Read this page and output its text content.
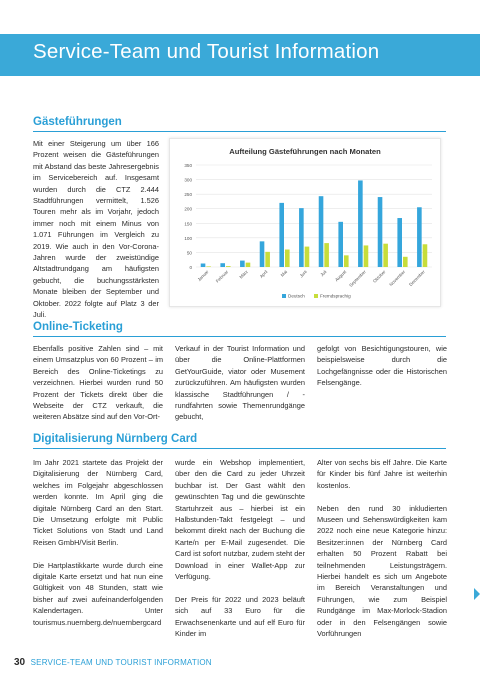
Service-Team und Tourist Information
Gästeführungen

Mit einer Steigerung um über 166 Prozent weisen die Gästeführungen mit Abstand das beste Jahresergebnis im Servicebereich auf. Insgesamt wurden durch die CTZ 2.444 Stadtführungen vermittelt, 1.526 Touren mehr als im Vorjahr, jedoch immer noch mit einem Minus von 1.071 Führungen im Vergleich zu 2019. Wie auch in den Vor-Corona-Jahren wurde der zweistündige Altstadtrundgang am häufigsten gebucht, die buchungsstärksten Monate bleiben der September und Oktober. 2022 folgte auf Platz 3 der Juli.

Aufteilung Gästeführungen nach Monaten
0
50
100
150
200
250
300
350
Januar Februar März April	Mai Juni	Juli August September Oktober November Dezember
Deutsch	Fremdsprachig
Online-Ticketing

Ebenfalls positive Zahlen sind – mit einem Umsatzplus von 60 Prozent – im Bereich des Online-Ticketings zu verzeichnen. Hierbei wurden rund 50 Prozent der Tickets direkt über die Webseite der CTZ verkauft, die weiteren Absätze sind auf den Vor-Ort-

Verkauf in der Tourist Information und über die Online-Plattformen GetYourGuide, viator oder Musement zurückzuführen. Am häufigsten wurden klassische Stadtführungen / -rundfahrten sowie Themenrundgänge gebucht,

gefolgt von Besichtigungstouren, wie beispielsweise durch die Lochgefängnisse oder die Historischen Felsengänge.

Digitalisierung Nürnberg Card

Im Jahr 2021 startete das Projekt der Digitalisierung der Nürnberg Card, welches im Folgejahr abgeschlossen werden konnte. Im April ging die digitale Nürnberg Card an den Start. Die Umsetzung erfolgte mit Public Ticket Solutions von Stadt und Land Reisen GmbH/Visit Berlin.

Die Hartplastikkarte wurde durch eine digitale Karte ersetzt und hat nun eine Gültigkeit von 48 Stunden, statt wie bisher auf zwei aufeinanderfolgenden Kalendertagen. Unter tourismus.nuernberg.de/nuernbergcard

wurde ein Webshop implementiert, über den die Card zu jeder Uhrzeit buchbar ist. Der Gast wählt den gewünschten Tag und die gewünschte Startuhrzeit aus – hierbei ist ein Halbstunden-Takt festgelegt – und bekommt direkt nach der Buchung die Karte/n per E-Mail zugesendet. Die Card ist sofort nutzbar, zudem steht der Download in einer Wallet-App zur Verfügung.

Der Preis für 2022 und 2023 beläuft sich auf 33 Euro für die Erwachsenenkarte und auf elf Euro für Kinder im

Alter von sechs bis elf Jahre. Die Karte für Kinder bis fünf Jahre ist weiterhin kostenlos.

Neben den rund 30 inkludierten Museen und Sehenswürdigkeiten kam 2022 noch eine neue Kategorie hinzu: Besitzer:innen der Nürnberg Card erhalten 50 Prozent Rabatt bei teilnehmenden Leistungsträgern. Hierbei handelt es sich um Angebote im Bereich Veranstaltungen und Führungen, wie zum Beispiel Rundgänge im Max-Morlock-Stadion oder in den Felsengängen sowie Vorführungen

30 SERVICE-TEAM UND TOURIST INFORMATION
